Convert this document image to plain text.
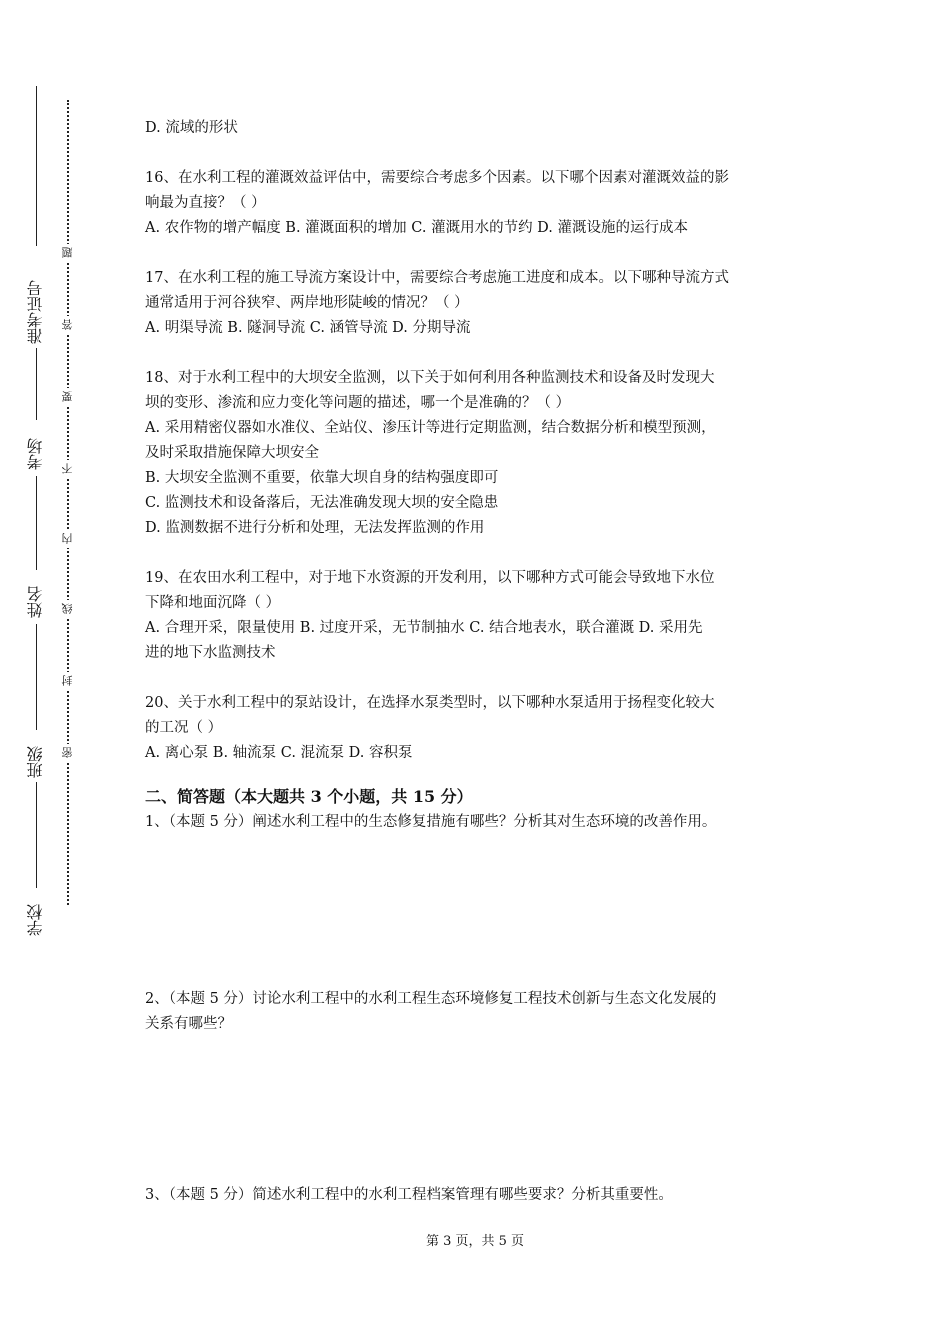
准考证号
考场
姓名
班级
学校
密
封
线
内
不
要
答
题
D. 流域的形状
16、在水利工程的灌溉效益评估中，需要综合考虑多个因素。以下哪个因素对灌溉效益的影
响最为直接？（ ）
A. 农作物的增产幅度 B. 灌溉面积的增加 C. 灌溉用水的节约 D. 灌溉设施的运行成本
17、在水利工程的施工导流方案设计中，需要综合考虑施工进度和成本。以下哪种导流方式
通常适用于河谷狭窄、两岸地形陡峻的情况？（ ）
A. 明渠导流 B. 隧洞导流 C. 涵管导流 D. 分期导流
18、对于水利工程中的大坝安全监测，以下关于如何利用各种监测技术和设备及时发现大
坝的变形、渗流和应力变化等问题的描述，哪一个是准确的？（ ）
A. 采用精密仪器如水准仪、全站仪、渗压计等进行定期监测，结合数据分析和模型预测，
及时采取措施保障大坝安全
B. 大坝安全监测不重要，依靠大坝自身的结构强度即可
C. 监测技术和设备落后，无法准确发现大坝的安全隐患
D. 监测数据不进行分析和处理，无法发挥监测的作用
19、在农田水利工程中，对于地下水资源的开发利用，以下哪种方式可能会导致地下水位
下降和地面沉降（ ）
A. 合理开采，限量使用 B. 过度开采，无节制抽水 C. 结合地表水，联合灌溉 D. 采用先
进的地下水监测技术
20、关于水利工程中的泵站设计，在选择水泵类型时，以下哪种水泵适用于扬程变化较大
的工况（ ）
A. 离心泵 B. 轴流泵 C. 混流泵 D. 容积泵
二、简答题（本大题共 3 个小题，共 15 分）
1、（本题 5 分）阐述水利工程中的生态修复措施有哪些？分析其对生态环境的改善作用。
2、（本题 5 分）讨论水利工程中的水利工程生态环境修复工程技术创新与生态文化发展的
关系有哪些？
3、（本题 5 分）简述水利工程中的水利工程档案管理有哪些要求？分析其重要性。
第 3 页，共 5 页
